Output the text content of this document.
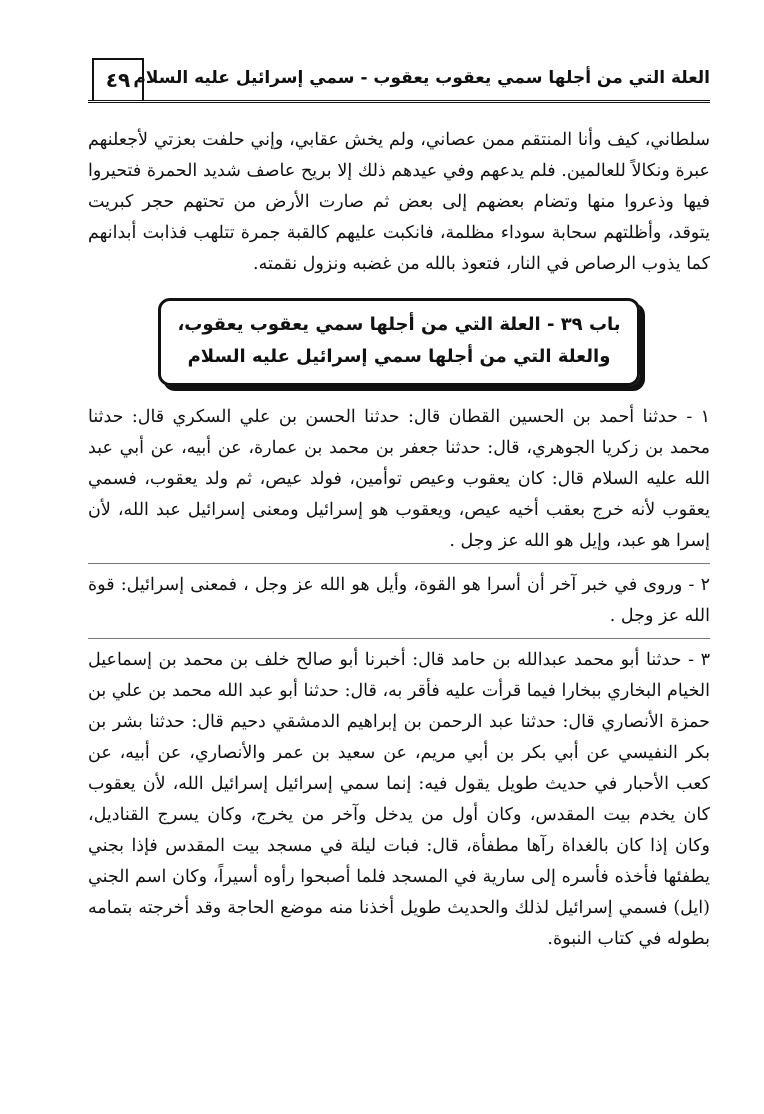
العلة التي من أجلها سمي يعقوب يعقوب - سمي إسرائيل عليه السلام
٤٩

سلطاني، كيف وأنا المنتقم ممن عصاني، ولم يخش عقابي، وإني حلفت بعزتي لأجعلنهم عبرة ونكالاً للعالمين. فلم يدعهم وفي عيدهم ذلك إلا بريح عاصف شديد الحمرة فتحيروا فيها وذعروا منها وتضام بعضهم إلى بعض ثم صارت الأرض من تحتهم حجر كبريت يتوقد، وأظلتهم سحابة سوداء مظلمة، فانكبت عليهم كالقبة جمرة تتلهب فذابت أبدانهم كما يذوب الرصاص في النار، فتعوذ بالله من غضبه ونزول نقمته.

باب ٣٩ - العلة التي من أجلها سمي يعقوب يعقوب،
والعلة التي من أجلها سمي إسرائيل عليه السلام
١ - حدثنا أحمد بن الحسين القطان قال: حدثنا الحسن بن علي السكري قال: حدثنا محمد بن زكريا الجوهري، قال: حدثنا جعفر بن محمد بن عمارة، عن أبيه، عن أبي عبد الله عليه السلام قال: كان يعقوب وعيص توأمين، فولد عيص، ثم ولد يعقوب، فسمي يعقوب لأنه خرج بعقب أخيه عيص، ويعقوب هو إسرائيل ومعنى إسرائيل عبد الله، لأن إسرا هو عبد، وإيل هو الله عز وجل .
٢ - وروى في خبر آخر أن أسرا هو القوة، وأيل هو الله عز وجل ، فمعنى إسرائيل: قوة الله عز وجل .
٣ - حدثنا أبو محمد عبدالله بن حامد قال: أخبرنا أبو صالح خلف بن محمد بن إسماعيل الخيام البخاري ببخارا فيما قرأت عليه فأقر به، قال: حدثنا أبو عبد الله محمد بن علي بن حمزة الأنصاري قال: حدثنا عبد الرحمن بن إبراهيم الدمشقي دحيم قال: حدثنا بشر بن بكر النفيسي عن أبي بكر بن أبي مريم، عن سعيد بن عمر والأنصاري، عن أبيه، عن كعب الأحبار في حديث طويل يقول فيه: إنما سمي إسرائيل إسرائيل الله، لأن يعقوب كان يخدم بيت المقدس، وكان أول من يدخل وآخر من يخرج، وكان يسرج القناديل، وكان إذا كان بالغداة رآها مطفأة، قال: فبات ليلة في مسجد بيت المقدس فإذا بجني يطفئها فأخذه فأسره إلى سارية في المسجد فلما أصبحوا رأوه أسيراً، وكان اسم الجني (ايل) فسمي إسرائيل لذلك والحديث طويل أخذنا منه موضع الحاجة وقد أخرجته بتمامه بطوله في كتاب النبوة.
